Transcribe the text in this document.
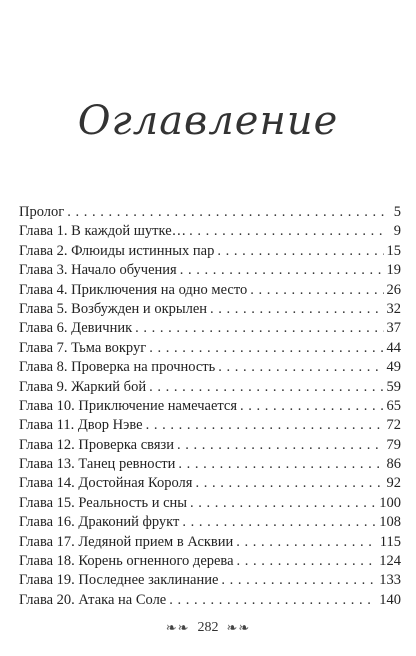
Оглавление
Пролог . . .	5
Глава 1. В каждой шутке… . . .	9
Глава 2. Флюиды истинных пар . . .	15
Глава 3. Начало обучения . . .	19
Глава 4. Приключения на одно место . . .	26
Глава 5. Возбужден и окрылен . . .	32
Глава 6. Девичник . . .	37
Глава 7. Тьма вокруг . . .	44
Глава 8. Проверка на прочность . . .	49
Глава 9. Жаркий бой . . .	59
Глава 10. Приключение намечается . . .	65
Глава 11. Двор Нэве . . .	72
Глава 12. Проверка связи . . .	79
Глава 13. Танец ревности . . .	86
Глава 14. Достойная Короля . . .	92
Глава 15. Реальность и сны . . .	100
Глава 16. Драконий фрукт . . .	108
Глава 17. Ледяной прием в Асквии . . .	115
Глава 18. Корень огненного дерева . . .	124
Глава 19. Последнее заклинание . . .	133
Глава 20. Атака на Соле . . .	140
❧❧ 282 ❧❧
